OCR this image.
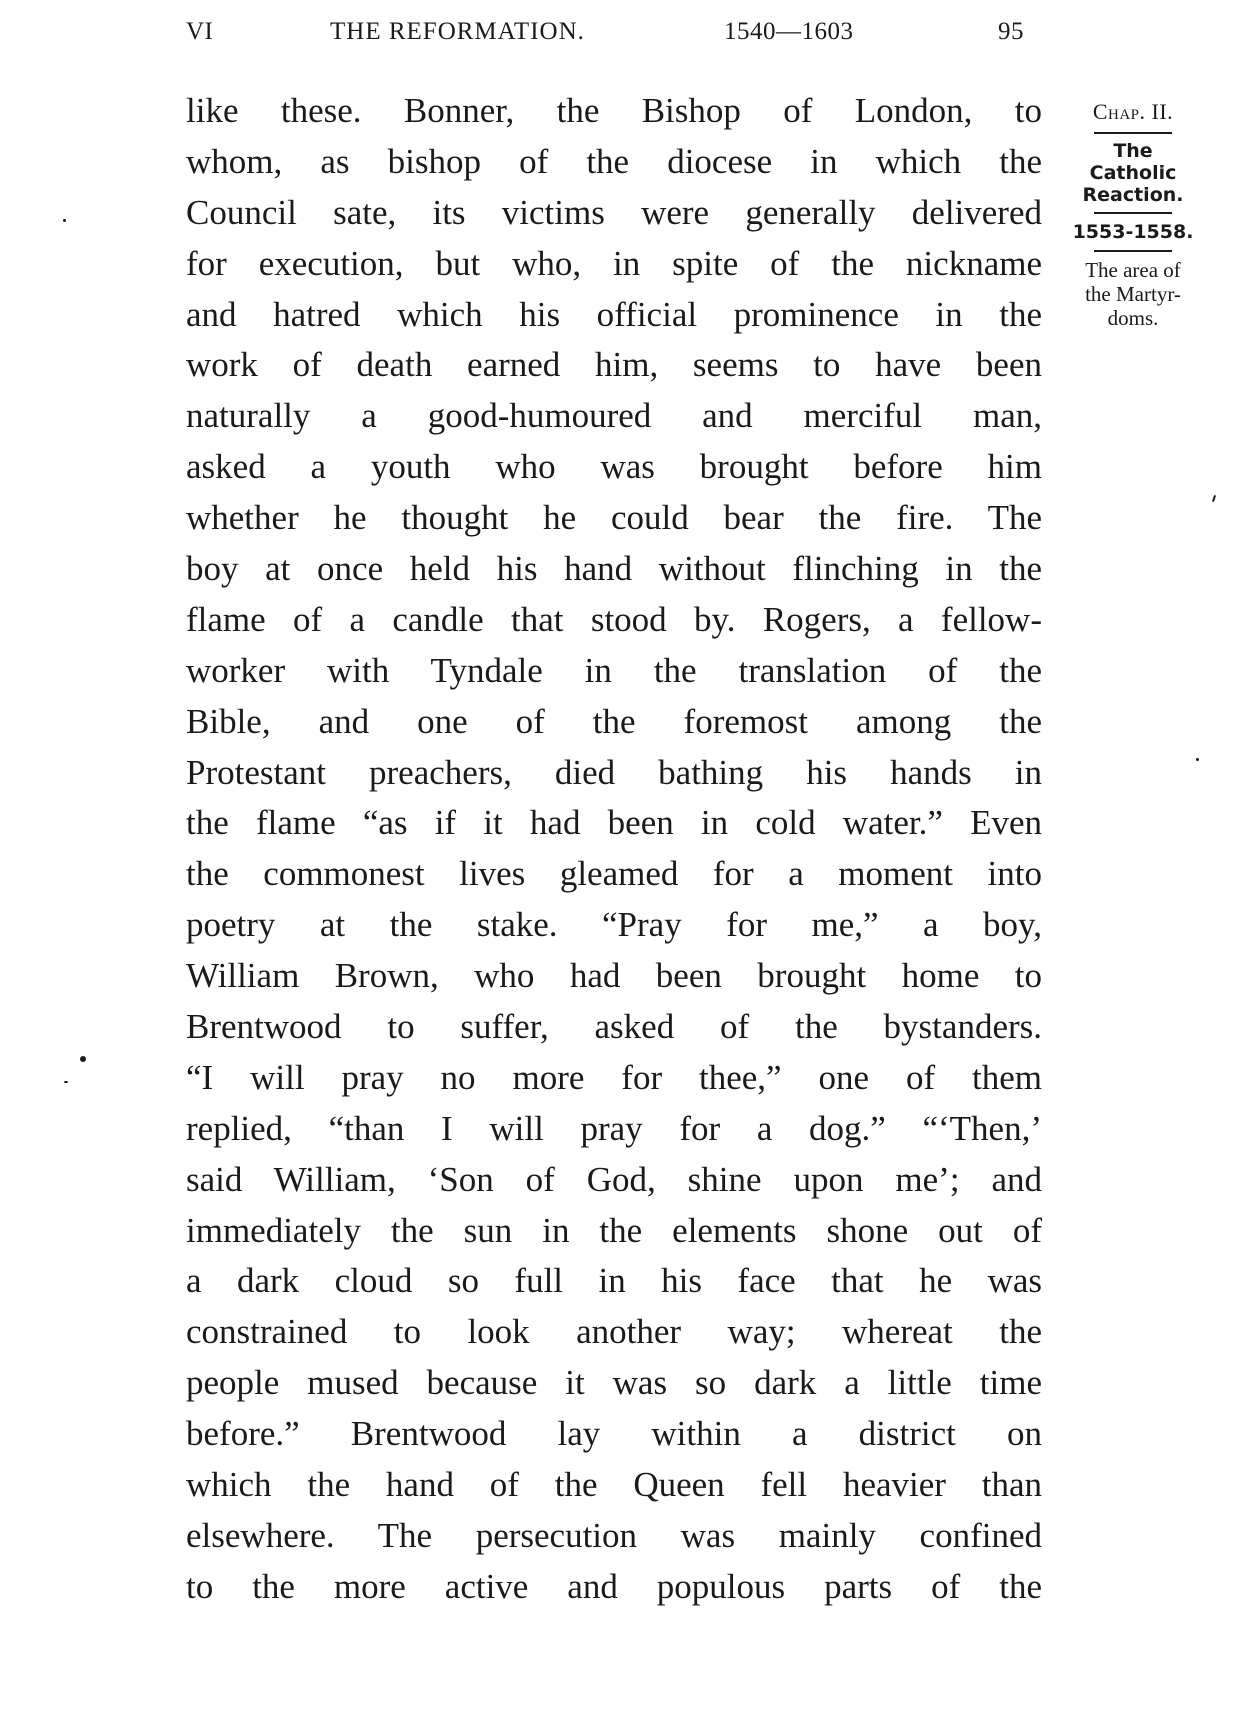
VI	THE REFORMATION.	1540—1603	95
like these. Bonner, the Bishop of London, to
whom, as bishop of the diocese in which the
Council sate, its victims were generally delivered
for execution, but who, in spite of the nickname
and hatred which his official prominence in the
work of death earned him, seems to have been
naturally a good-humoured and merciful man,
asked a youth who was brought before him
whether he thought he could bear the fire. The
boy at once held his hand without flinching in the
flame of a candle that stood by. Rogers, a fellow-
worker with Tyndale in the translation of the
Bible, and one of the foremost among the
Protestant preachers, died bathing his hands in
the flame “as if it had been in cold water.” Even
the commonest lives gleamed for a moment into
poetry at the stake. “Pray for me,” a boy,
William Brown, who had been brought home to
Brentwood to suffer, asked of the bystanders.
“I will pray no more for thee,” one of them
replied, “than I will pray for a dog.” “‘Then,’
said William, ‘Son of God, shine upon me’; and
immediately the sun in the elements shone out of
a dark cloud so full in his face that he was
constrained to look another way; whereat the
people mused because it was so dark a little time
before.” Brentwood lay within a district on
which the hand of the Queen fell heavier than
elsewhere. The persecution was mainly confined
to the more active and populous parts of the
Chap. II.
The
Catholic
Reaction.
1553-1558.
The area of
the Martyr-
doms.
